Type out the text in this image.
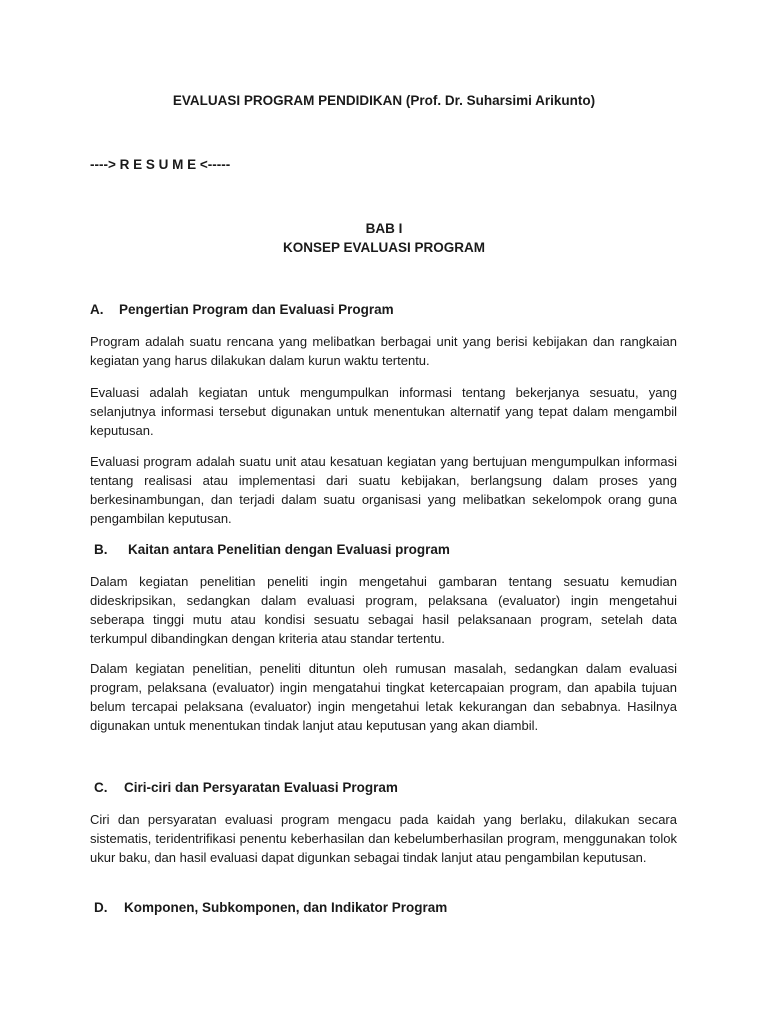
EVALUASI PROGRAM PENDIDIKAN (Prof. Dr. Suharsimi Arikunto)
----> R E S U M E <-----
BAB I
KONSEP EVALUASI PROGRAM
A. Pengertian Program dan Evaluasi Program

Program adalah suatu rencana yang melibatkan berbagai unit yang berisi kebijakan dan rangkaian kegiatan yang harus dilakukan dalam kurun waktu tertentu.

Evaluasi adalah kegiatan untuk mengumpulkan informasi tentang bekerjanya sesuatu, yang selanjutnya informasi tersebut digunakan untuk menentukan alternatif yang tepat dalam mengambil keputusan.

Evaluasi program adalah suatu unit atau kesatuan kegiatan yang bertujuan mengumpulkan informasi tentang realisasi atau implementasi dari suatu kebijakan, berlangsung dalam proses yang berkesinambungan, dan terjadi dalam suatu organisasi yang melibatkan sekelompok orang guna pengambilan keputusan.

B. Kaitan antara Penelitian dengan Evaluasi program

Dalam kegiatan penelitian peneliti ingin mengetahui gambaran tentang sesuatu kemudian dideskripsikan, sedangkan dalam evaluasi program, pelaksana (evaluator) ingin mengetahui seberapa tinggi mutu atau kondisi sesuatu sebagai hasil pelaksanaan program, setelah data terkumpul dibandingkan dengan kriteria atau standar tertentu.

Dalam kegiatan penelitian, peneliti dituntun oleh rumusan masalah, sedangkan dalam evaluasi program, pelaksana (evaluator) ingin mengatahui tingkat ketercapaian program, dan apabila tujuan belum tercapai pelaksana (evaluator) ingin mengetahui letak kekurangan dan sebabnya. Hasilnya digunakan untuk menentukan tindak lanjut atau keputusan yang akan diambil.

C. Ciri-ciri dan Persyaratan Evaluasi Program

Ciri dan persyaratan evaluasi program mengacu pada kaidah yang berlaku, dilakukan secara sistematis, teridentrifikasi penentu keberhasilan dan kebelumberhasilan program, menggunakan tolok ukur baku, dan hasil evaluasi dapat digunkan sebagai tindak lanjut atau pengambilan keputusan.

D. Komponen, Subkomponen, dan Indikator Program
